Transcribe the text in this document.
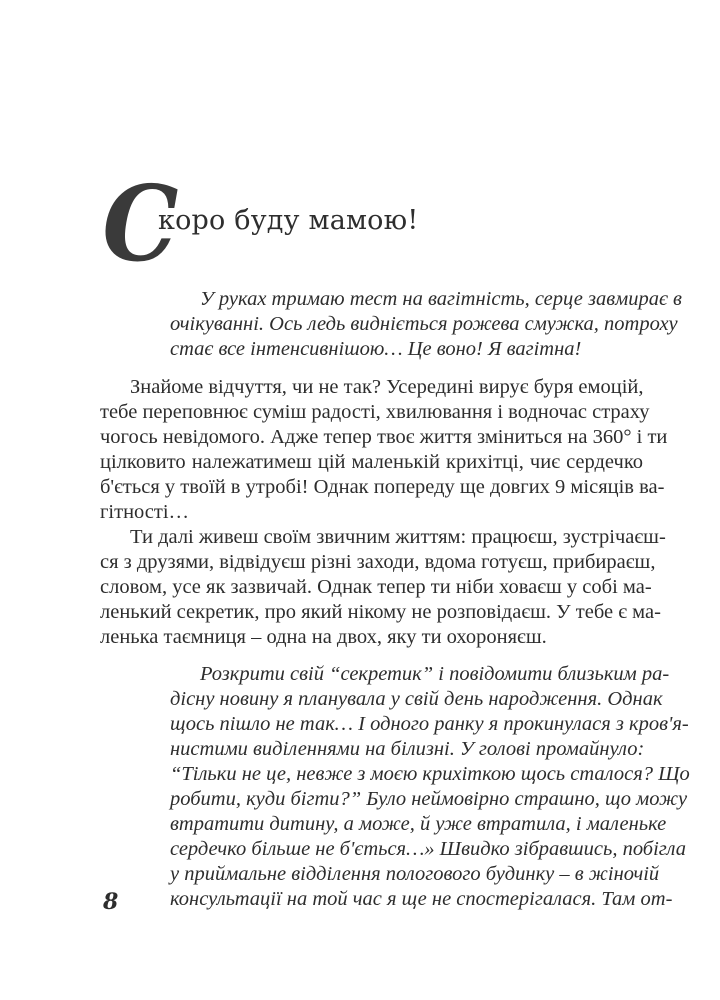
С
коро буду мамою!
У руках тримаю тест на вагітність, серце завмирає в
очікуванні. Ось ледь видніється рожева смужка, потроху
стає все інтенсивнішою… Це воно! Я вагітна!
Знайоме відчуття, чи не так? Усередині вирує буря емоцій,
тебе переповнює суміш радості, хвилювання і водночас страху
чогось невідомого. Адже тепер твоє життя зміниться на 360° і ти
цілковито належатимеш цій маленькій крихітці, чиє сердечко
б'ється у твоїй в утробі! Однак попереду ще довгих 9 місяців ва-
гітності…
Ти далі живеш своїм звичним життям: працюєш, зустрічаєш-
ся з друзями, відвідуєш різні заходи, вдома готуєш, прибираєш,
словом, усе як зазвичай. Однак тепер ти ніби ховаєш у собі ма-
ленький секретик, про який нікому не розповідаєш. У тебе є ма-
ленька таємниця – одна на двох, яку ти охороняєш.
Розкрити свій “секретик” і повідомити близьким ра-
дісну новину я планувала у свій день народження. Однак
щось пішло не так… І одного ранку я прокинулася з кров'я-
нистими виділеннями на білизні. У голові промайнуло:
“Тільки не це, невже з моєю крихіткою щось сталося? Що
робити, куди бігти?” Було неймовірно страшно, що можу
втратити дитину, а може, й уже втратила, і маленьке
сердечко більше не б'ється…» Швидко зібравшись, побігла
у приймальне відділення пологового будинку – в жіночій
консультації на той час я ще не спостерігалася. Там от-
8
